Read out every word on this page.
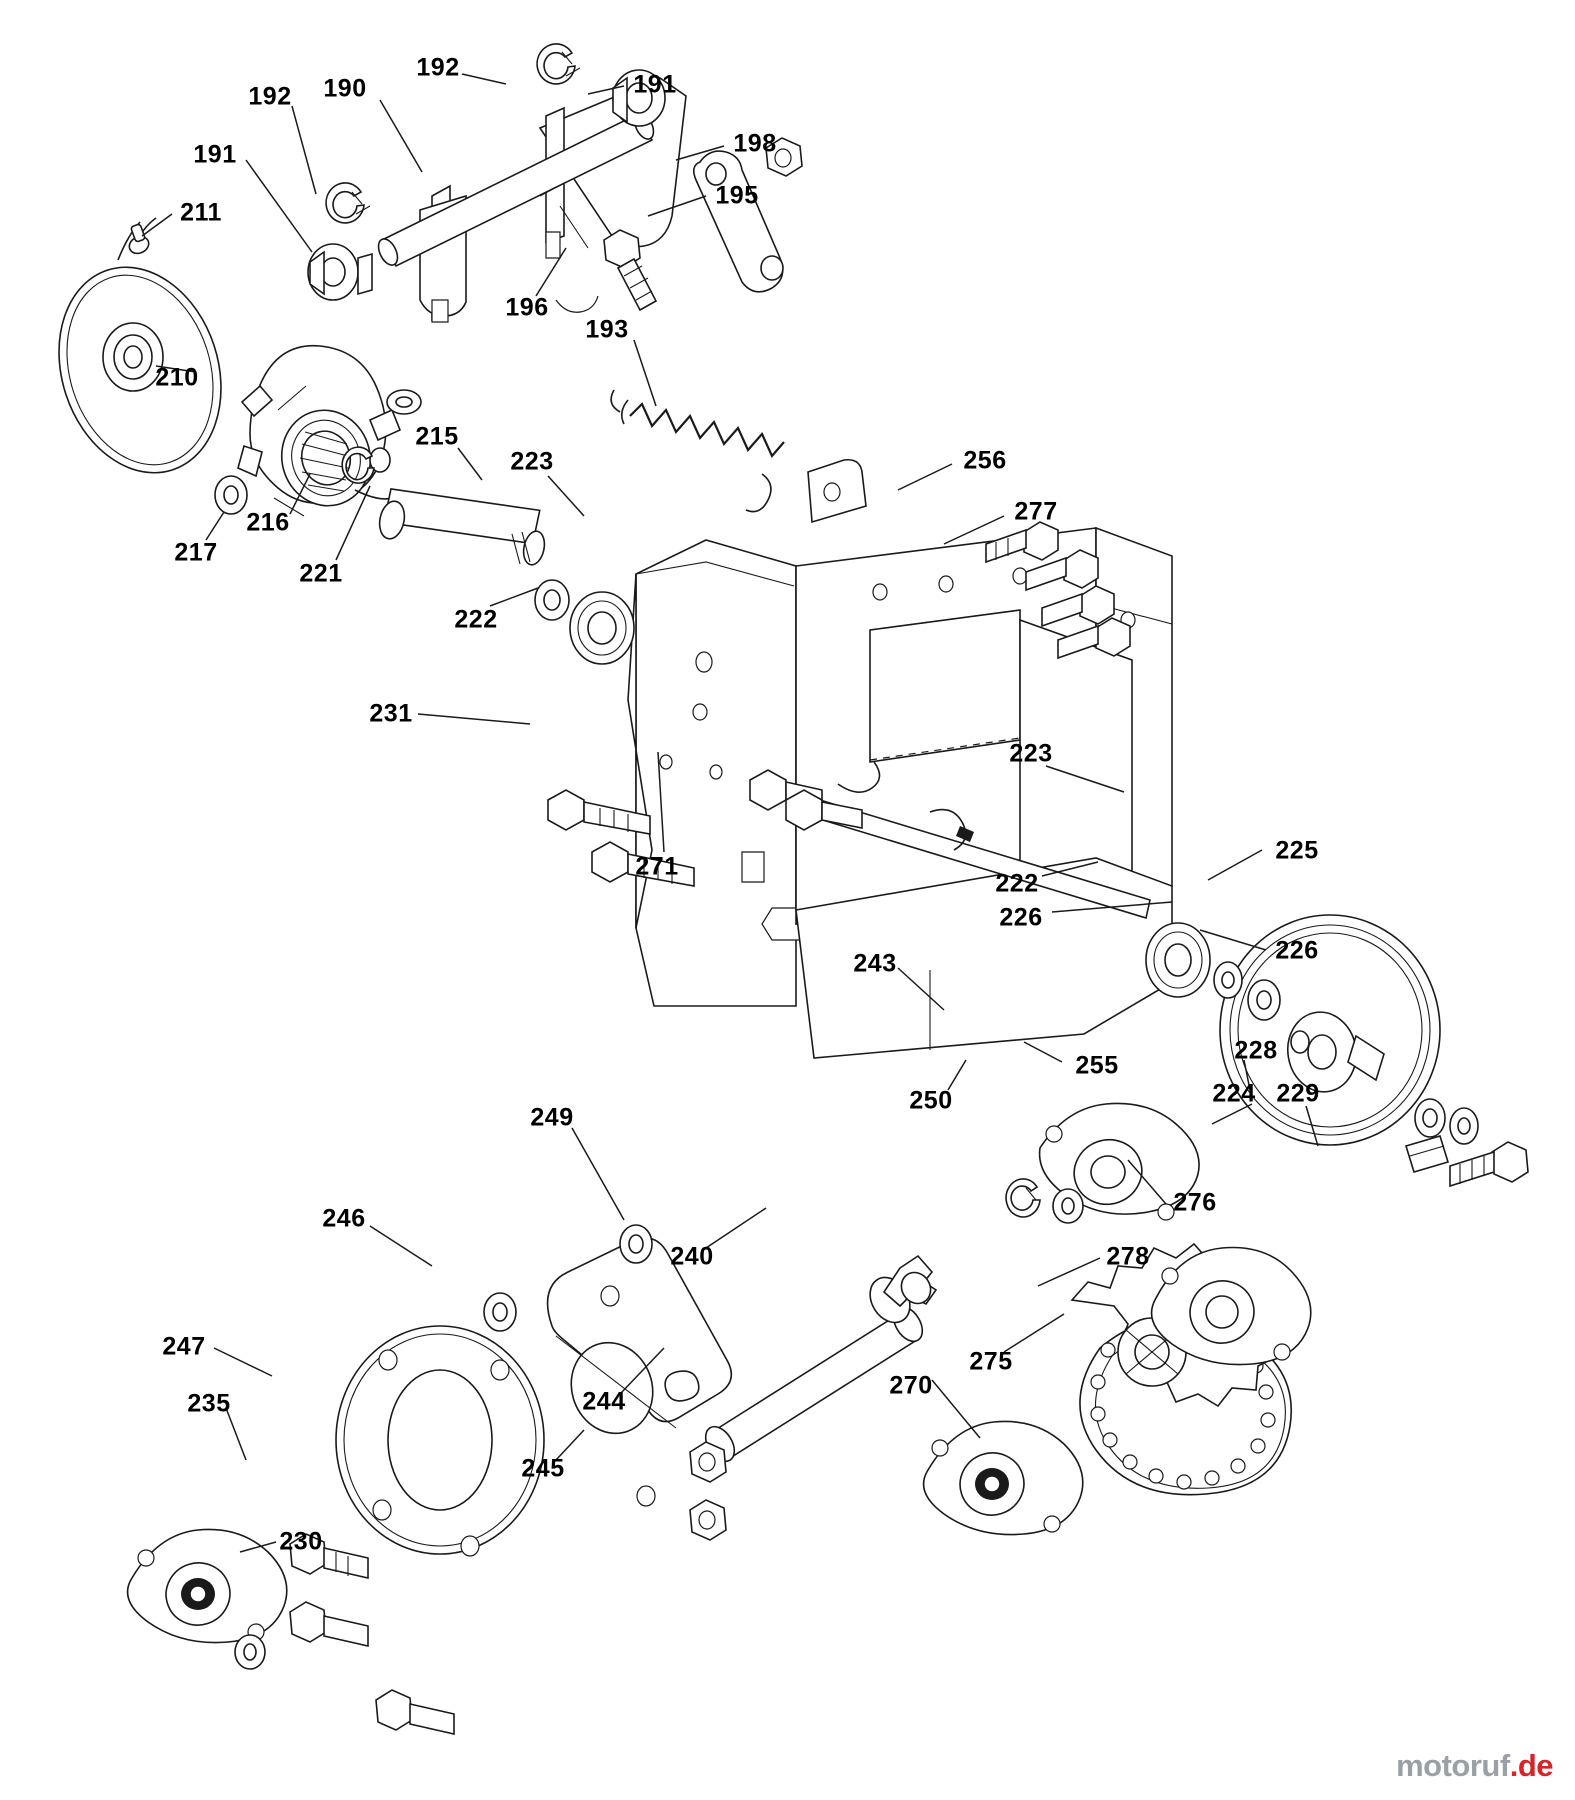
192
190
192	191
198
191
195
211
196
193
210
215
223	256
216	277
217
221
222
231
223
271
225
222
226
226
243
255
228
250	224 229
249
240
276
246
278
275
270
247
235	244
245
230
motoruf.de
